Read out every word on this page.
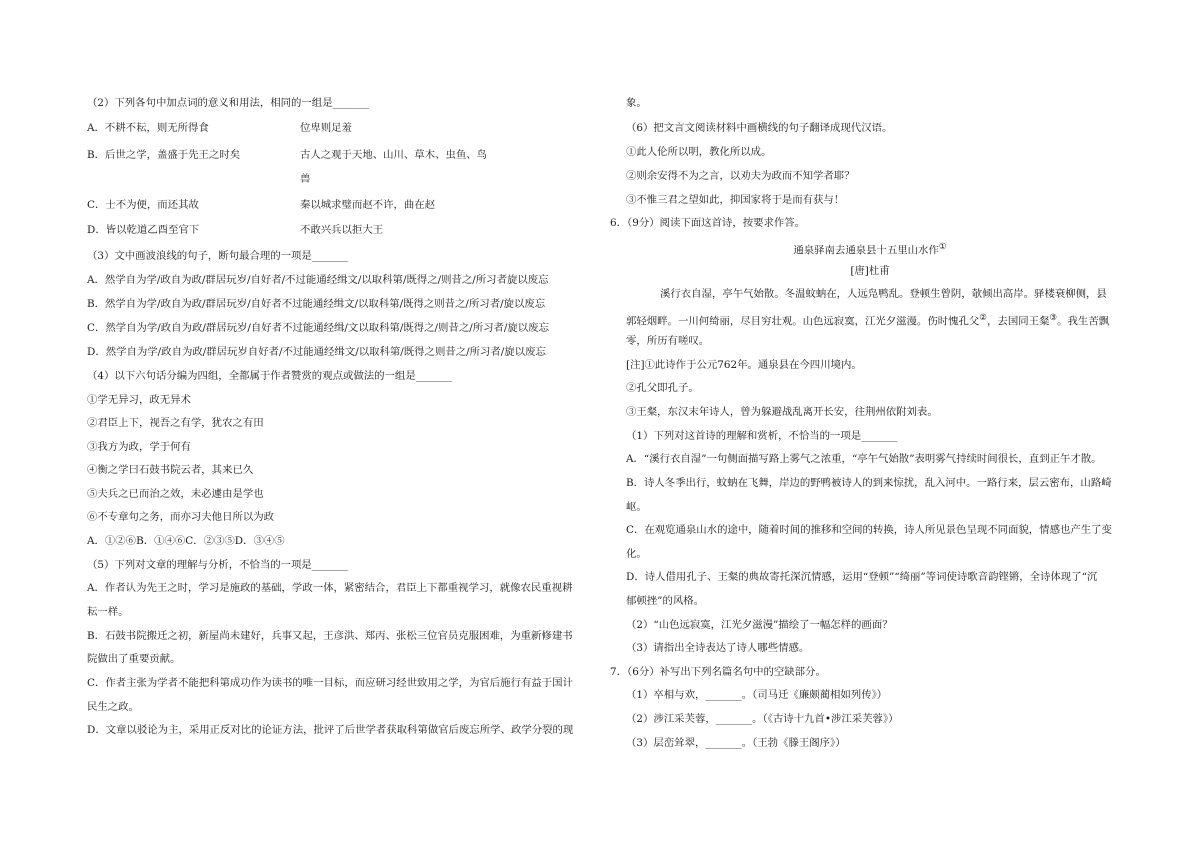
（2）下列各句中加点词的意义和用法，相同的一组是_______
A．不耕不耘，则无所得食	位卑则足羞
B．后世之学，盖盛于先王之时矣	古人之观于天地、山川、草木、虫鱼、鸟
兽
C．士不为便，而还其故	秦以城求璧而赵不许，曲在赵
D．皆以乾道乙酉至官下	不敢兴兵以拒大王
（3）文中画波浪线的句子，断句最合理的一项是_______
A．然学自为学/政自为政/群居玩岁/自好者/不过能通经缉文/以取科第/既得之/则昔之/所习者旋以废忘
B．然学自为学/政自为政/群居玩岁/自好者不过能通经缉文/以取科第/既得之则昔之/所习者/旋以废忘
C．然学自为学/政自为政/群居玩岁/自好者不过能通经缉/文以取科第/既得之/则昔之/所习者/旋以废忘
D．然学自为学/政自为政/群居玩岁自好者/不过能通经缉文/以取科第/既得之则昔之/所习者/旋以废忘
（4）以下六句话分编为四组，全都属于作者赞赏的观点或做法的一组是_______
①学无异习，政无异术
②君臣上下，视吾之有学，犹农之有田
③我方为政，学于何有
④衡之学曰石鼓书院云者，其来已久
⑤夫兵之已而治之效，未必遽由是学也
⑥不专章句之务，而亦习夫他日所以为政
A．①②⑥B．①④⑥C．②③⑤D．③④⑤
（5）下列对文章的理解与分析，不恰当的一项是_______
A．作者认为先王之时，学习是施政的基础，学政一体，紧密结合，君臣上下都重视学习，就像农民重视耕
耘一样。
B．石鼓书院搬迁之初，新屋尚未建好，兵事又起，王彦洪、郑丙、张松三位官员克服困难，为重新修建书
院做出了重要贡献。
C．作者主张为学者不能把科第成功作为读书的唯一目标，而应研习经世致用之学，为官后施行有益于国计
民生之政。
D．文章以驳论为主，采用正反对比的论证方法，批评了后世学者获取科第做官后废忘所学、政学分裂的现
象。
（6）把文言文阅读材料中画横线的句子翻译成现代汉语。
①此人伦所以明，教化所以成。
②则余安得不为之言，以劝夫为政而不知学者耶？
③不惟三君之望如此，抑国家将于是而有获与！
6．（9分）阅读下面这首诗，按要求作答。
通泉驿南去通泉县十五里山水作①
[唐]杜甫
溪行衣自湿，亭午气始散。冬温蚊蚋在，人远凫鸭乱。登顿生曾阴，欹倾出高岸。驿楼衰柳侧，县
郭轻烟畔。一川何绮丽，尽目穷壮观。山色远寂寞，江光夕滋漫。伤时愧孔父②，去国同王粲③。我生苦飘
零，所历有嗟叹。
[注]①此诗作于公元762年。通泉县在今四川境内。
②孔父即孔子。
③王粲，东汉末年诗人，曾为躲避战乱离开长安，往荆州依附刘表。
（1）下列对这首诗的理解和赏析，不恰当的一项是_______
A．“溪行衣自湿”一句侧面描写路上雾气之浓重，“亭午气始散”表明雾气持续时间很长，直到正午才散。
B．诗人冬季出行，蚊蚋在飞舞，岸边的野鸭被诗人的到来惊扰，乱入河中。一路行来，层云密布，山路崎
岖。
C．在观览通泉山水的途中，随着时间的推移和空间的转换，诗人所见景色呈现不同面貌，情感也产生了变
化。
D．诗人借用孔子、王粲的典故寄托深沉情感，运用“登顿”“绮丽”等词使诗歌音韵铿锵，全诗体现了“沉
郁顿挫”的风格。
（2）“山色远寂寞，江光夕滋漫”描绘了一幅怎样的画面？
（3）请指出全诗表达了诗人哪些情感。
7．（6分）补写出下列名篇名句中的空缺部分。
（1）卒相与欢，_______。（司马迁《廉颇蔺相如列传》）
（2）涉江采芙蓉，_______。（《古诗十九首•涉江采芙蓉》）
（3）层峦耸翠，_______。（王勃《滕王阁序》）
